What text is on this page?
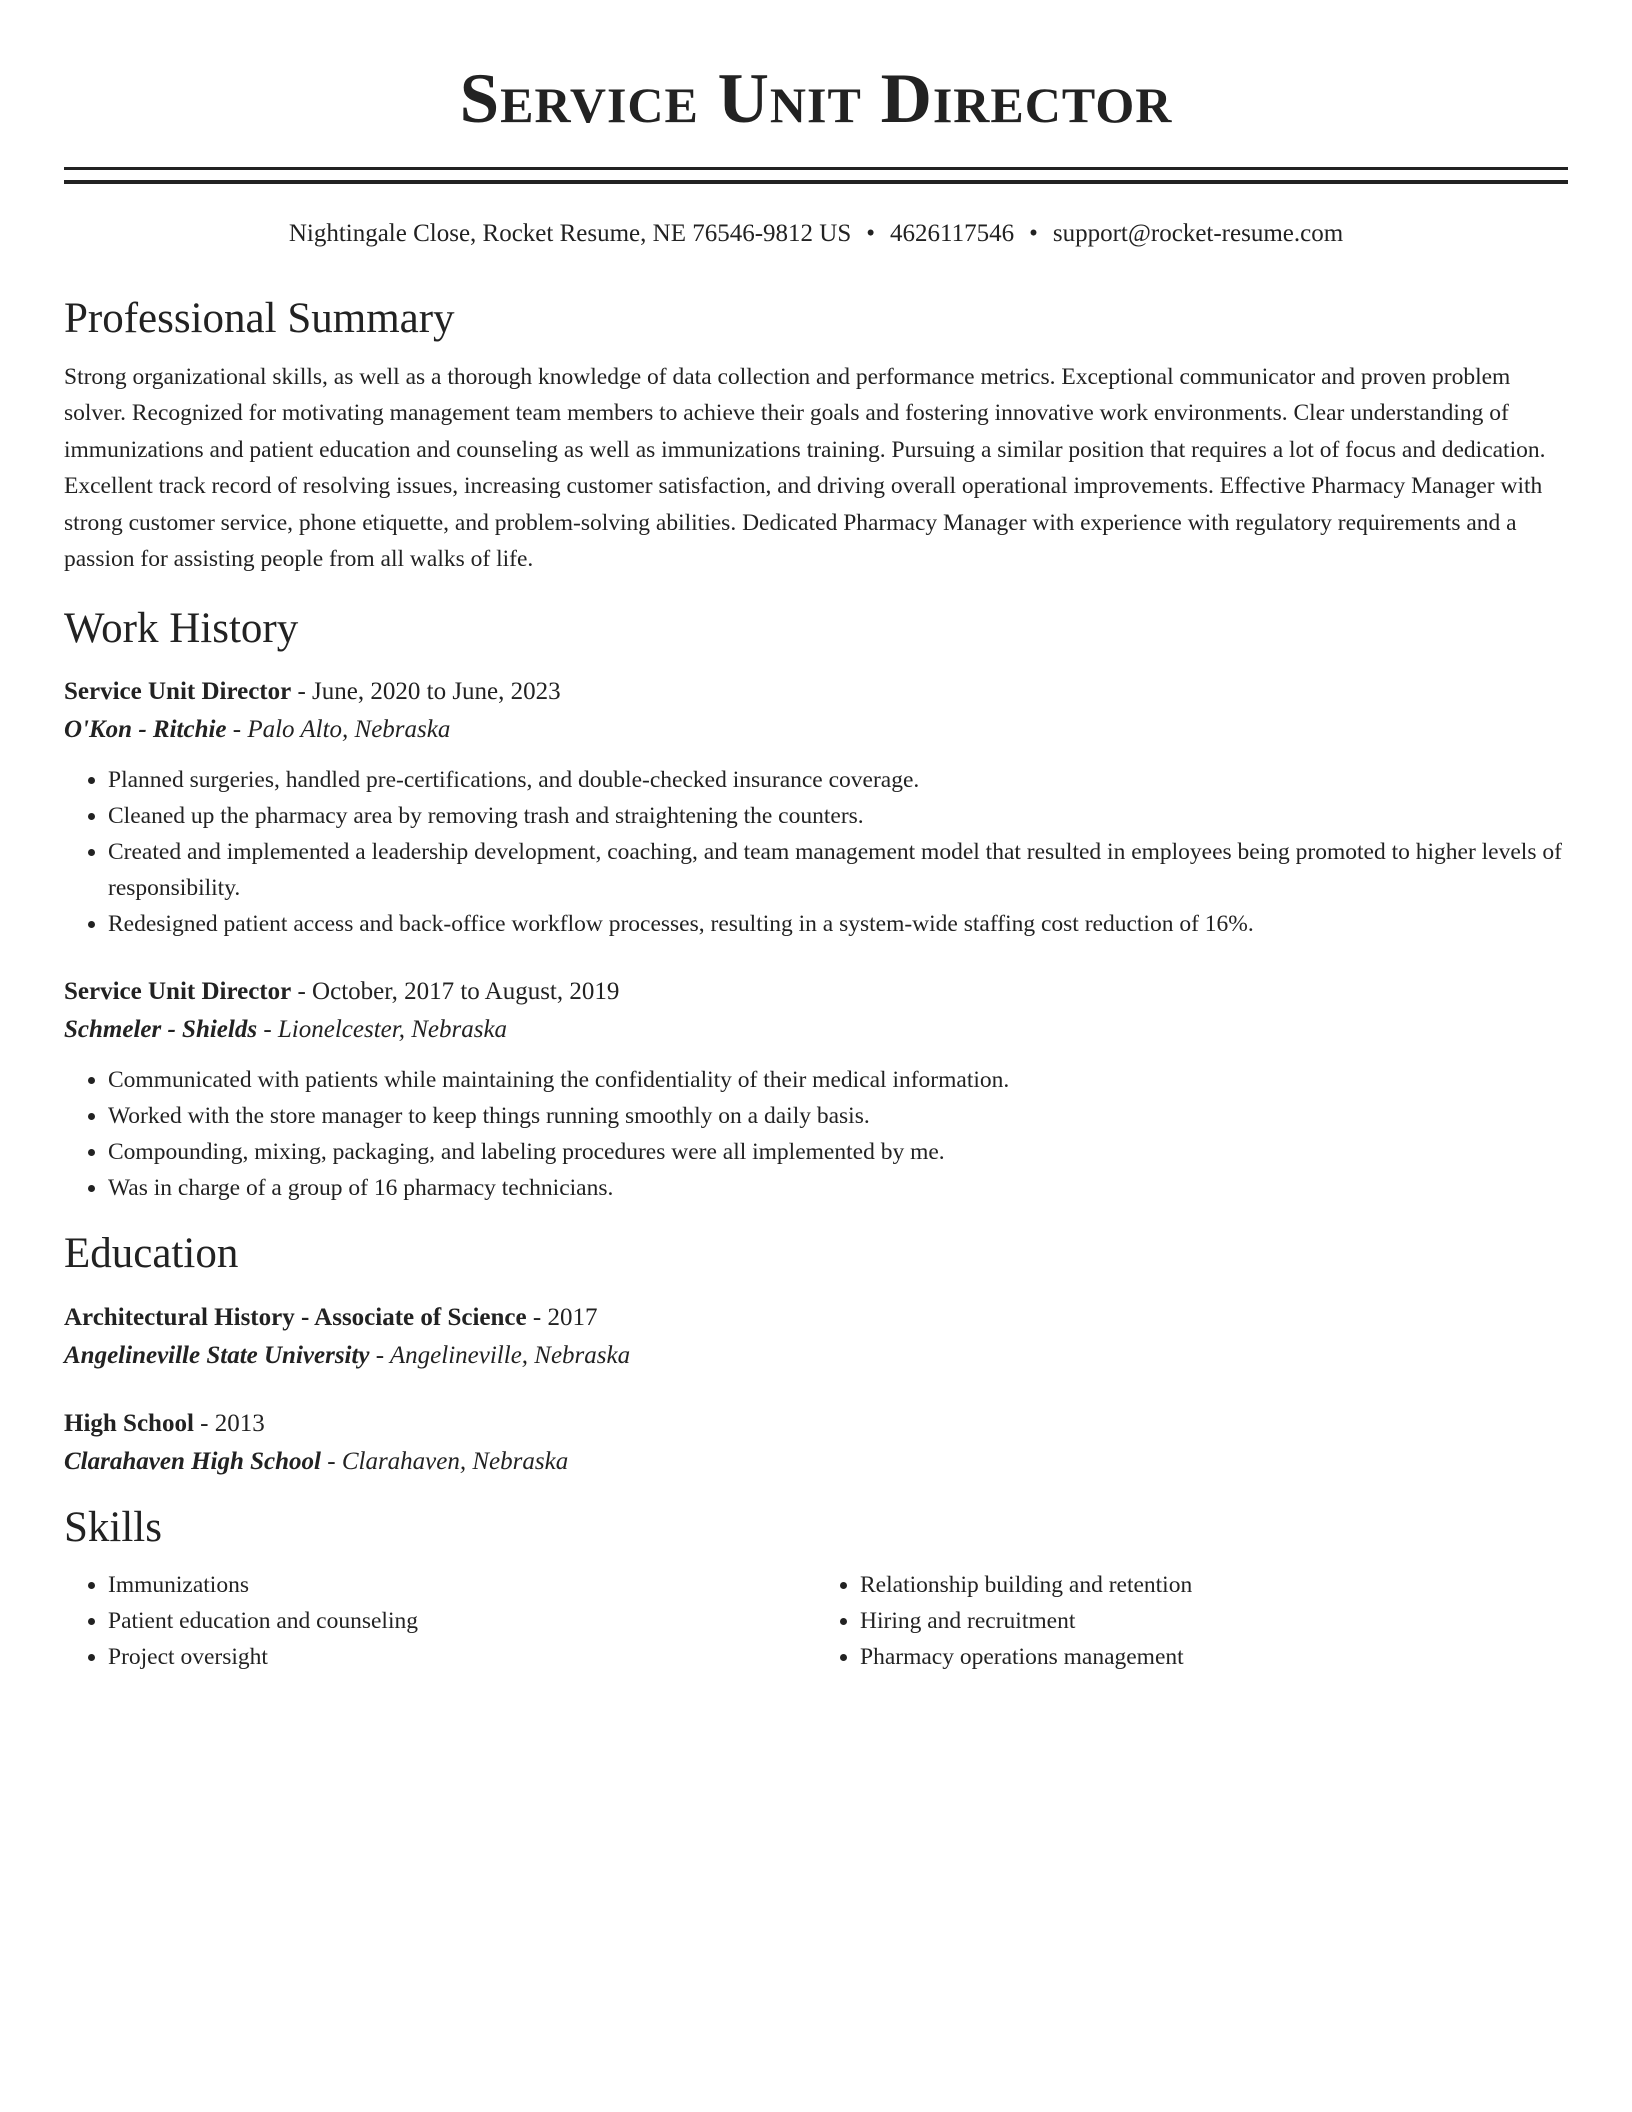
Service Unit Director
Nightingale Close, Rocket Resume, NE 76546-9812 US • 4626117546 • support@rocket-resume.com
Professional Summary

Strong organizational skills, as well as a thorough knowledge of data collection and performance metrics. Exceptional communicator and proven problem solver. Recognized for motivating management team members to achieve their goals and fostering innovative work environments. Clear understanding of immunizations and patient education and counseling as well as immunizations training. Pursuing a similar position that requires a lot of focus and dedication. Excellent track record of resolving issues, increasing customer satisfaction, and driving overall operational improvements. Effective Pharmacy Manager with strong customer service, phone etiquette, and problem-solving abilities. Dedicated Pharmacy Manager with experience with regulatory requirements and a passion for assisting people from all walks of life.

Work History
Service Unit Director - June, 2020 to June, 2023
O'Kon - Ritchie - Palo Alto, Nebraska
• Planned surgeries, handled pre-certifications, and double-checked insurance coverage.
• Cleaned up the pharmacy area by removing trash and straightening the counters.
• Created and implemented a leadership development, coaching, and team management model that resulted in employees being promoted to higher levels of responsibility.
• Redesigned patient access and back-office workflow processes, resulting in a system-wide staffing cost reduction of 16%.
Service Unit Director - October, 2017 to August, 2019
Schmeler - Shields - Lionelcester, Nebraska
• Communicated with patients while maintaining the confidentiality of their medical information.
• Worked with the store manager to keep things running smoothly on a daily basis.
• Compounding, mixing, packaging, and labeling procedures were all implemented by me.
• Was in charge of a group of 16 pharmacy technicians.
Education
Architectural History - Associate of Science - 2017
Angelineville State University - Angelineville, Nebraska
High School - 2013
Clarahaven High School - Clarahaven, Nebraska
Skills
• Immunizations
• Patient education and counseling
• Project oversight
• Relationship building and retention
• Hiring and recruitment
• Pharmacy operations management
